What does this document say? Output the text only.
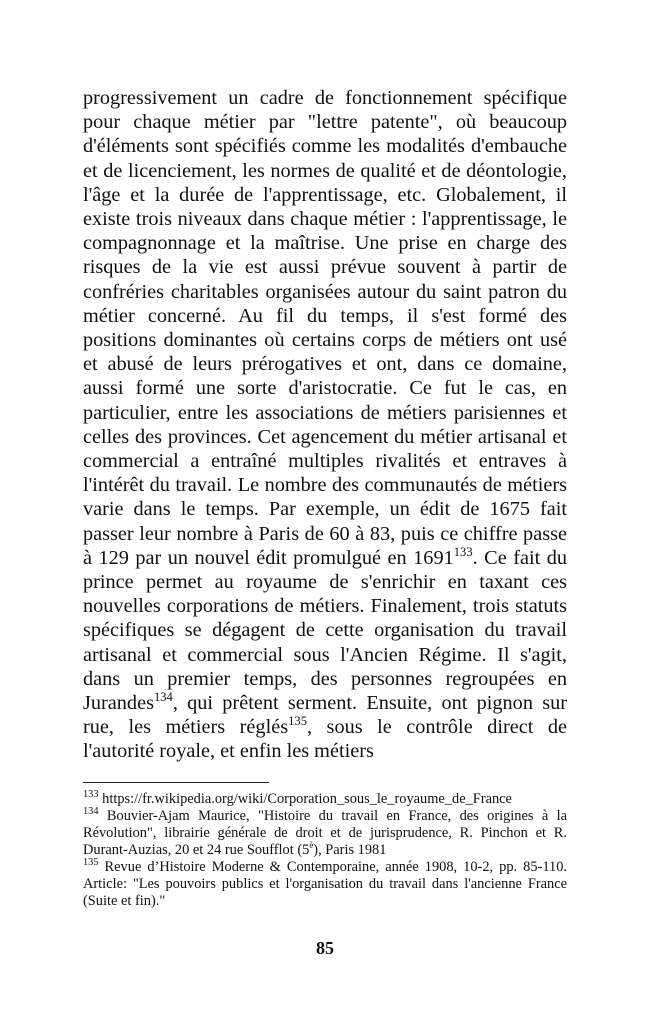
progressivement un cadre de fonctionnement spécifique pour chaque métier par "lettre patente", où beaucoup d'éléments sont spécifiés comme les modalités d'embauche et de licenciement, les normes de qualité et de déontologie, l'âge et la durée de l'apprentissage, etc. Globalement, il existe trois niveaux dans chaque métier : l'apprentissage, le compagnonnage et la maîtrise. Une prise en charge des risques de la vie est aussi prévue souvent à partir de confréries charitables organisées autour du saint patron du métier concerné. Au fil du temps, il s'est formé des positions dominantes où certains corps de métiers ont usé et abusé de leurs prérogatives et ont, dans ce domaine, aussi formé une sorte d'aristocratie. Ce fut le cas, en particulier, entre les associations de métiers parisiennes et celles des provinces. Cet agencement du métier artisanal et commercial a entraîné multiples rivalités et entraves à l'intérêt du travail. Le nombre des communautés de métiers varie dans le temps. Par exemple, un édit de 1675 fait passer leur nombre à Paris de 60 à 83, puis ce chiffre passe à 129 par un nouvel édit promulgué en 1691$^{133}$. Ce fait du prince permet au royaume de s'enrichir en taxant ces nouvelles corporations de métiers. Finalement, trois statuts spécifiques se dégagent de cette organisation du travail artisanal et commercial sous l'Ancien Régime. Il s'agit, dans un premier temps, des personnes regroupées en Jurandes$^{134}$, qui prêtent serment. Ensuite, ont pignon sur rue, les métiers réglés$^{135}$, sous le contrôle direct de l'autorité royale, et enfin les métiers

$^{133}$ https://fr.wikipedia.org/wiki/Corporation_sous_le_royaume_de_France

$^{134}$ Bouvier-Ajam Maurice, "Histoire du travail en France, des origines à la Révolution", librairie générale de droit et de jurisprudence, R. Pinchon et R. Durant-Auzias, 20 et 24 rue Soufflot $(5^è)$, Paris 1981

$^{135}$ Revue d’Histoire Moderne & Contemporaine, année 1908, 10-2, pp. 85-110. Article: "Les pouvoirs publics et l'organisation du travail dans l'ancienne France (Suite et fin)."

85
